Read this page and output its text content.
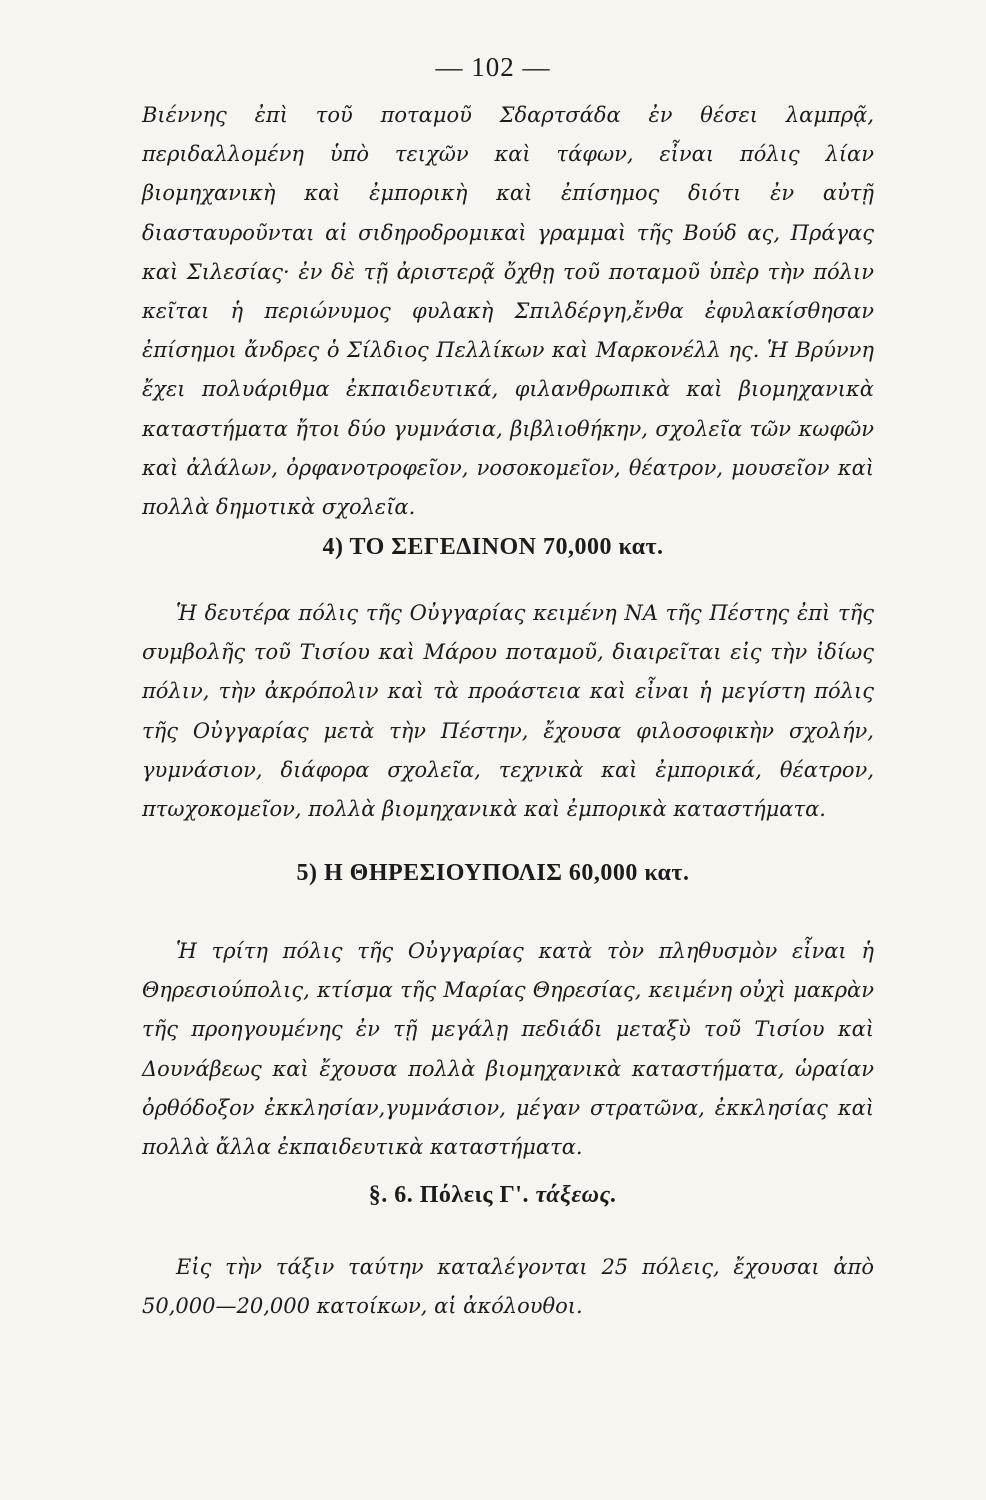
— 102 —

Βιέννης ἐπὶ τοῦ ποταμοῦ Σδαρτσάδα ἐν θέσει λαμπρᾷ, περιδαλλομένη ὑπὸ τειχῶν καὶ τάφων, εἶναι πόλις λίαν βιομηχανικὴ καὶ ἐμπορικὴ καὶ ἐπίσημος διότι ἐν αὐτῇ διασταυροῦνται αἱ σιδηροδρομικαὶ γραμμαὶ τῆς Βούδ ας, Πράγας καὶ Σιλεσίας· ἐν δὲ τῇ ἀριστερᾷ ὄχθῃ τοῦ ποταμοῦ ὑπὲρ τὴν πόλιν κεῖται ἡ περιώνυμος φυλακὴ Σπιλδέργη,ἔνθα ἐφυλακίσθησαν ἐπίσημοι ἄνδρες ὁ Σίλδιος Πελλίκων καὶ Μαρκονέλλ ης. Ἡ Βρύννη ἔχει πολυάριθμα ἐκπαιδευτικά, φιλανθρωπικὰ καὶ βιομηχανικὰ καταστήματα ἤτοι δύο γυμνάσια, βιβλιοθήκην, σχολεῖα τῶν κωφῶν καὶ ἀλάλων, ὀρφανοτροφεῖον, νοσοκομεῖον, θέατρον, μουσεῖον καὶ πολλὰ δημοτικὰ σχολεῖα.

4) ΤΟ ΣΕΓΕΔΙΝΟΝ 70,000 κατ.

Ἡ δευτέρα πόλις τῆς Οὐγγαρίας κειμένη ΝΑ τῆς Πέστης ἐπὶ τῆς συμβολῆς τοῦ Τισίου καὶ Μάρου ποταμοῦ, διαιρεῖται εἰς τὴν ἰδίως πόλιν, τὴν ἀκρόπολιν καὶ τὰ προάστεια καὶ εἶναι ἡ μεγίστη πόλις τῆς Οὐγγαρίας μετὰ τὴν Πέστην, ἔχουσα φιλοσοφικὴν σχολήν, γυμνάσιον, διάφορα σχολεῖα, τεχνικὰ καὶ ἐμπορικά, θέατρον, πτωχοκομεῖον, πολλὰ βιομηχανικὰ καὶ ἐμπορικὰ καταστήματα.

5) Η ΘΗΡΕΣΙΟΥΠΟΛΙΣ 60,000 κατ.

Ἡ τρίτη πόλις τῆς Οὐγγαρίας κατὰ τὸν πληθυσμὸν εἶναι ἡ Θηρεσιούπολις, κτίσμα τῆς Μαρίας Θηρεσίας, κειμένη οὐχὶ μακρὰν τῆς προηγουμένης ἐν τῇ μεγάλῃ πεδιάδι μεταξὺ τοῦ Τισίου καὶ Δουνάβεως καὶ ἔχουσα πολλὰ βιομηχανικὰ καταστήματα, ὡραίαν ὀρθόδοξον ἐκκλησίαν,γυμνάσιον, μέγαν στρατῶνα, ἐκκλησίας καὶ πολλὰ ἄλλα ἐκπαιδευτικὰ καταστήματα.

§. 6. Πόλεις Γ'. τάξεως.

Εἰς τὴν τάξιν ταύτην καταλέγονται 25 πόλεις, ἔχουσαι ἀπὸ 50,000—20,000 κατοίκων, αἱ ἀκόλουθοι.
